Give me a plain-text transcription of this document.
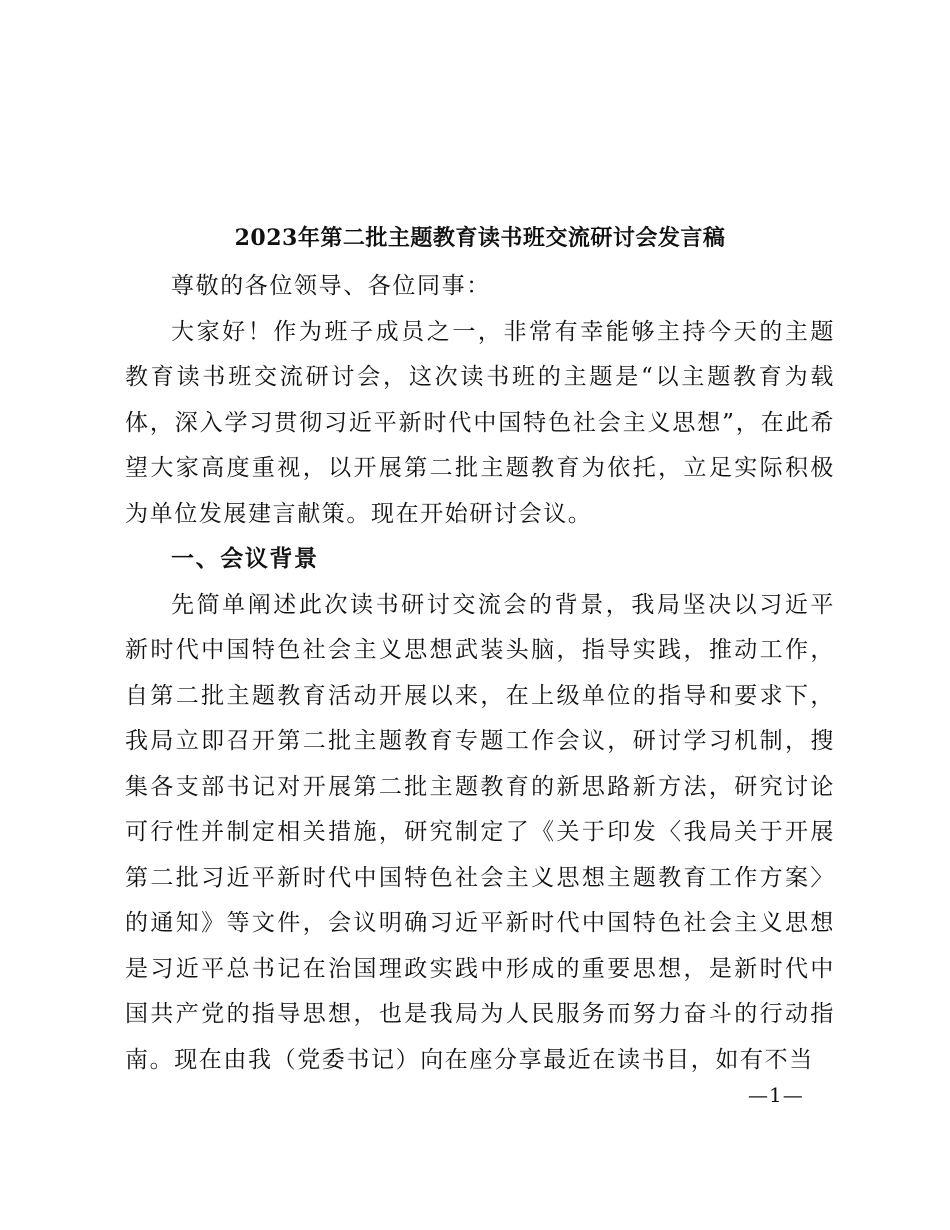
2023年第二批主题教育读书班交流研讨会发言稿

尊敬的各位领导、各位同事：

大家好！作为班子成员之一，非常有幸能够主持今天的主题教育读书班交流研讨会，这次读书班的主题是“以主题教育为载体，深入学习贯彻习近平新时代中国特色社会主义思想”，在此希望大家高度重视，以开展第二批主题教育为依托，立足实际积极为单位发展建言献策。现在开始研讨会议。

一、会议背景

先简单阐述此次读书研讨交流会的背景，我局坚决以习近平新时代中国特色社会主义思想武装头脑，指导实践，推动工作，自第二批主题教育活动开展以来，在上级单位的指导和要求下，我局立即召开第二批主题教育专题工作会议，研讨学习机制，搜集各支部书记对开展第二批主题教育的新思路新方法，研究讨论可行性并制定相关措施，研究制定了《关于印发〈我局关于开展第二批习近平新时代中国特色社会主义思想主题教育工作方案〉的通知》等文件，会议明确习近平新时代中国特色社会主义思想是习近平总书记在治国理政实践中形成的重要思想，是新时代中国共产党的指导思想，也是我局为人民服务而努力奋斗的行动指南。现在由我（党委书记）向在座分享最近在读书目，如有不当

—1—
